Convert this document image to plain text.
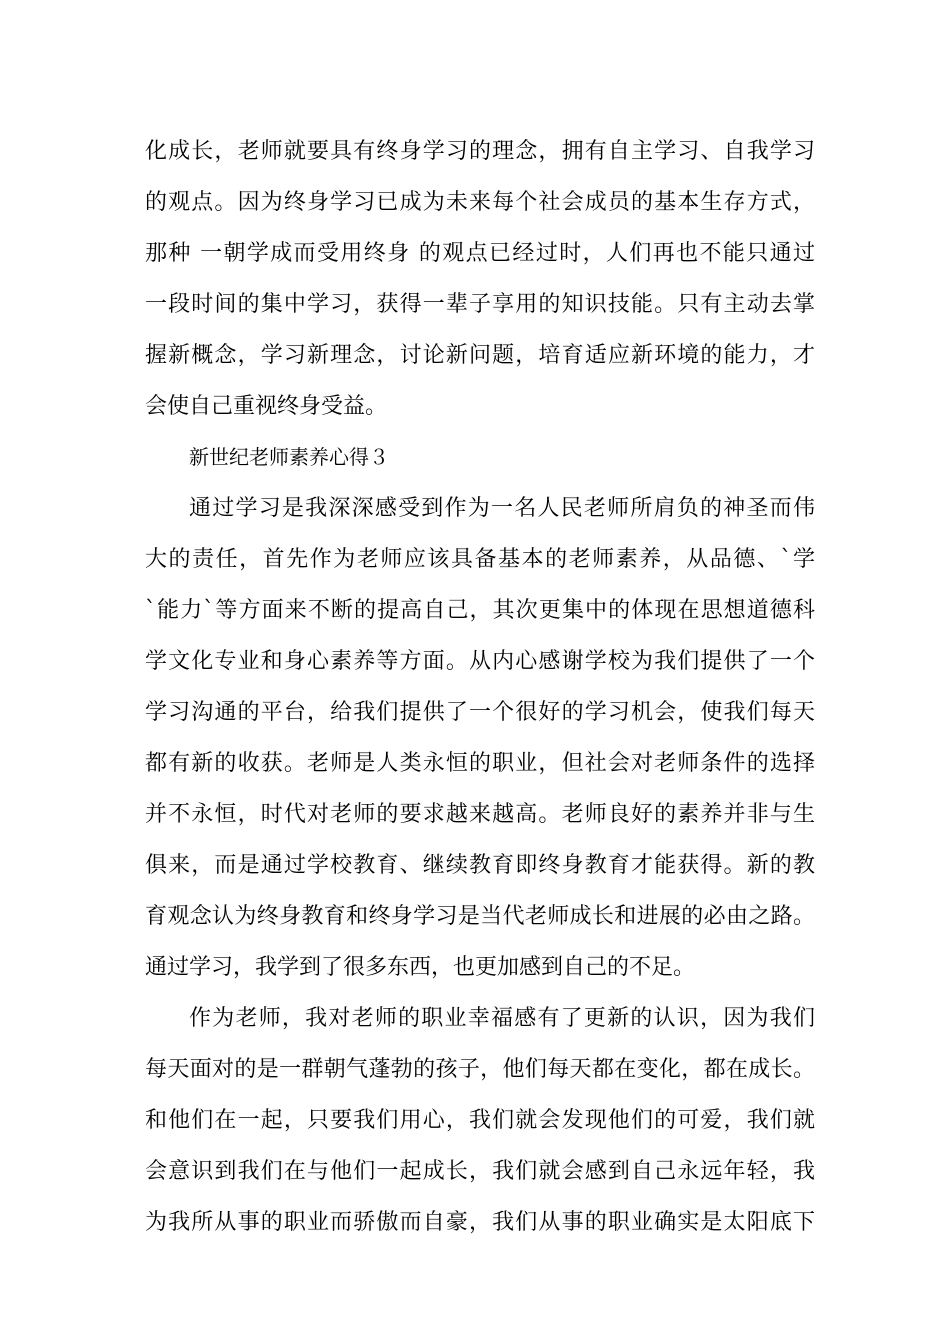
化成长，老师就要具有终身学习的理念，拥有自主学习、自我学习
的观点。因为终身学习已成为未来每个社会成员的基本生存方式，
那种 一朝学成而受用终身 的观点已经过时，人们再也不能只通过
一段时间的集中学习，获得一辈子享用的知识技能。只有主动去掌
握新概念，学习新理念，讨论新问题，培育适应新环境的能力，才
会使自己重视终身受益。
新世纪老师素养心得３
通过学习是我深深感受到作为一名人民老师所肩负的神圣而伟
大的责任，首先作为老师应该具备基本的老师素养，从品德、`学
`能力`等方面来不断的提高自己，其次更集中的体现在思想道德科
学文化专业和身心素养等方面。从内心感谢学校为我们提供了一个
学习沟通的平台，给我们提供了一个很好的学习机会，使我们每天
都有新的收获。老师是人类永恒的职业，但社会对老师条件的选择
并不永恒，时代对老师的要求越来越高。老师良好的素养并非与生
俱来，而是通过学校教育、继续教育即终身教育才能获得。新的教
育观念认为终身教育和终身学习是当代老师成长和进展的必由之路。
通过学习，我学到了很多东西，也更加感到自己的不足。
作为老师，我对老师的职业幸福感有了更新的认识，因为我们
每天面对的是一群朝气蓬勃的孩子，他们每天都在变化，都在成长。
和他们在一起，只要我们用心，我们就会发现他们的可爱，我们就
会意识到我们在与他们一起成长，我们就会感到自己永远年轻，我
为我所从事的职业而骄傲而自豪，我们从事的职业确实是太阳底下
